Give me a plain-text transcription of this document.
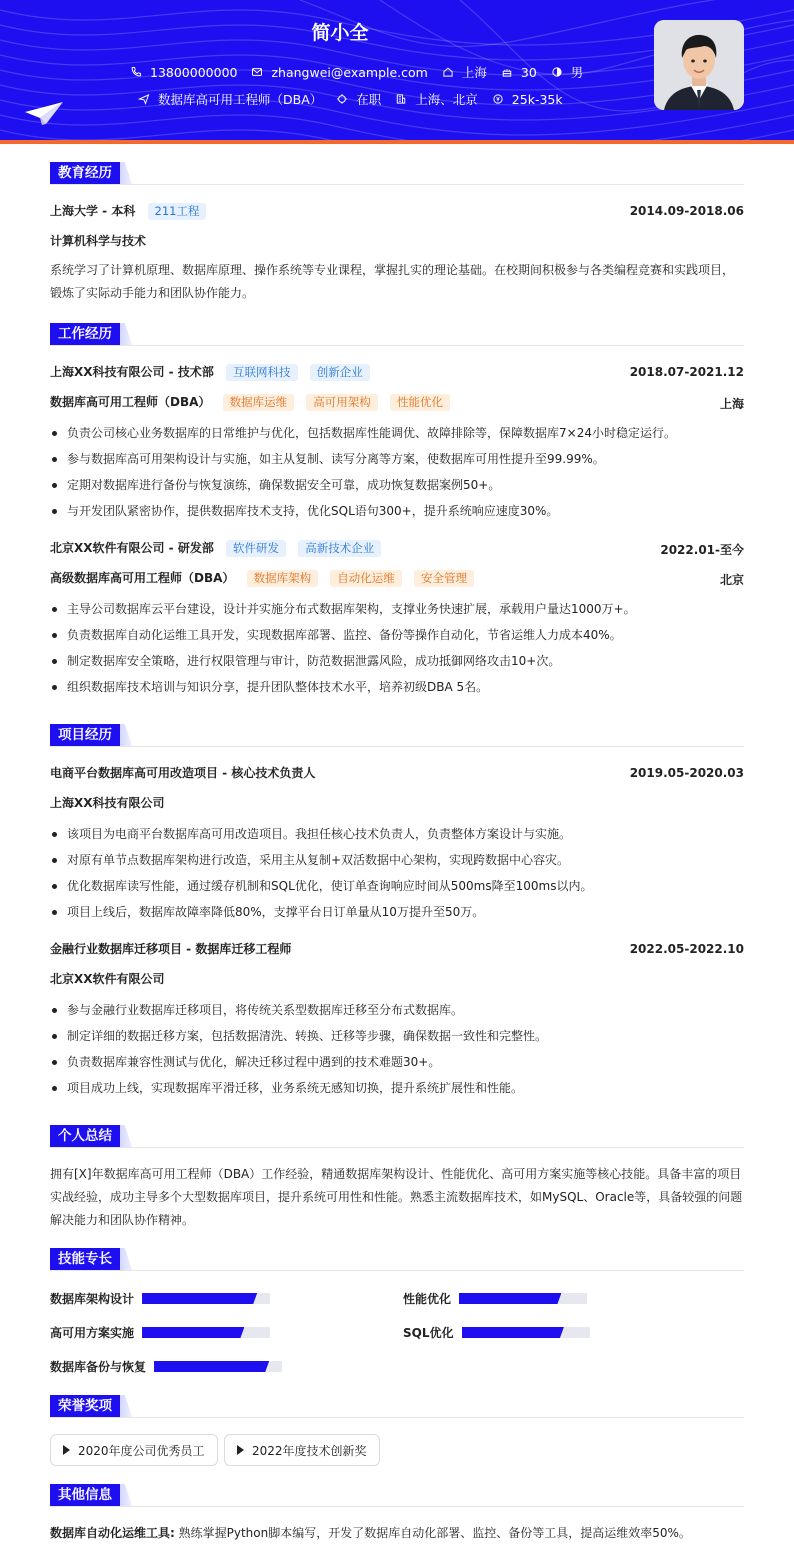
简小全
13800000000	zhangwei@example.com	上海	30	男
数据库高可用工程师（DBA）	在职	上海、北京	25k-35k
教育经历
上海大学 - 本科 211工程	2014.09-2018.06
计算机科学与技术
系统学习了计算机原理、数据库原理、操作系统等专业课程，掌握扎实的理论基础。在校期间积极参与各类编程竞赛和实践项目，
锻炼了实际动手能力和团队协作能力。
工作经历
上海XX科技有限公司 - 技术部 互联网科技 创新企业	2018.07-2021.12
数据库高可用工程师（DBA） 数据库运维 高可用架构 性能优化	上海
负责公司核心业务数据库的日常维护与优化，包括数据库性能调优、故障排除等，保障数据库7×24小时稳定运行。
参与数据库高可用架构设计与实施，如主从复制、读写分离等方案，使数据库可用性提升至99.99%。
定期对数据库进行备份与恢复演练，确保数据安全可靠，成功恢复数据案例50+。
与开发团队紧密协作，提供数据库技术支持，优化SQL语句300+，提升系统响应速度30%。
北京XX软件有限公司 - 研发部 软件研发 高新技术企业	2022.01-至今
高级数据库高可用工程师（DBA） 数据库架构 自动化运维 安全管理	北京
主导公司数据库云平台建设，设计并实施分布式数据库架构，支撑业务快速扩展，承载用户量达1000万+。
负责数据库自动化运维工具开发，实现数据库部署、监控、备份等操作自动化，节省运维人力成本40%。
制定数据库安全策略，进行权限管理与审计，防范数据泄露风险，成功抵御网络攻击10+次。
组织数据库技术培训与知识分享，提升团队整体技术水平，培养初级DBA 5名。
项目经历
电商平台数据库高可用改造项目 - 核心技术负责人	2019.05-2020.03
上海XX科技有限公司
该项目为电商平台数据库高可用改造项目。我担任核心技术负责人，负责整体方案设计与实施。
对原有单节点数据库架构进行改造，采用主从复制+双活数据中心架构，实现跨数据中心容灾。
优化数据库读写性能，通过缓存机制和SQL优化，使订单查询响应时间从500ms降至100ms以内。
项目上线后，数据库故障率降低80%，支撑平台日订单量从10万提升至50万。
金融行业数据库迁移项目 - 数据库迁移工程师	2022.05-2022.10
北京XX软件有限公司
参与金融行业数据库迁移项目，将传统关系型数据库迁移至分布式数据库。
制定详细的数据迁移方案，包括数据清洗、转换、迁移等步骤，确保数据一致性和完整性。
负责数据库兼容性测试与优化，解决迁移过程中遇到的技术难题30+。
项目成功上线，实现数据库平滑迁移，业务系统无感知切换，提升系统扩展性和性能。
个人总结
拥有[X]年数据库高可用工程师（DBA）工作经验，精通数据库架构设计、性能优化、高可用方案实施等核心技能。具备丰富的项目
实战经验，成功主导多个大型数据库项目，提升系统可用性和性能。熟悉主流数据库技术，如MySQL、Oracle等，具备较强的问题
解决能力和团队协作精神。
技能专长
数据库架构设计	性能优化
高可用方案实施	SQL优化
数据库备份与恢复
荣誉奖项
2020年度公司优秀员工	2022年度技术创新奖
其他信息
数据库自动化运维工具: 熟练掌握Python脚本编写，开发了数据库自动化部署、监控、备份等工具，提高运维效率50%。
